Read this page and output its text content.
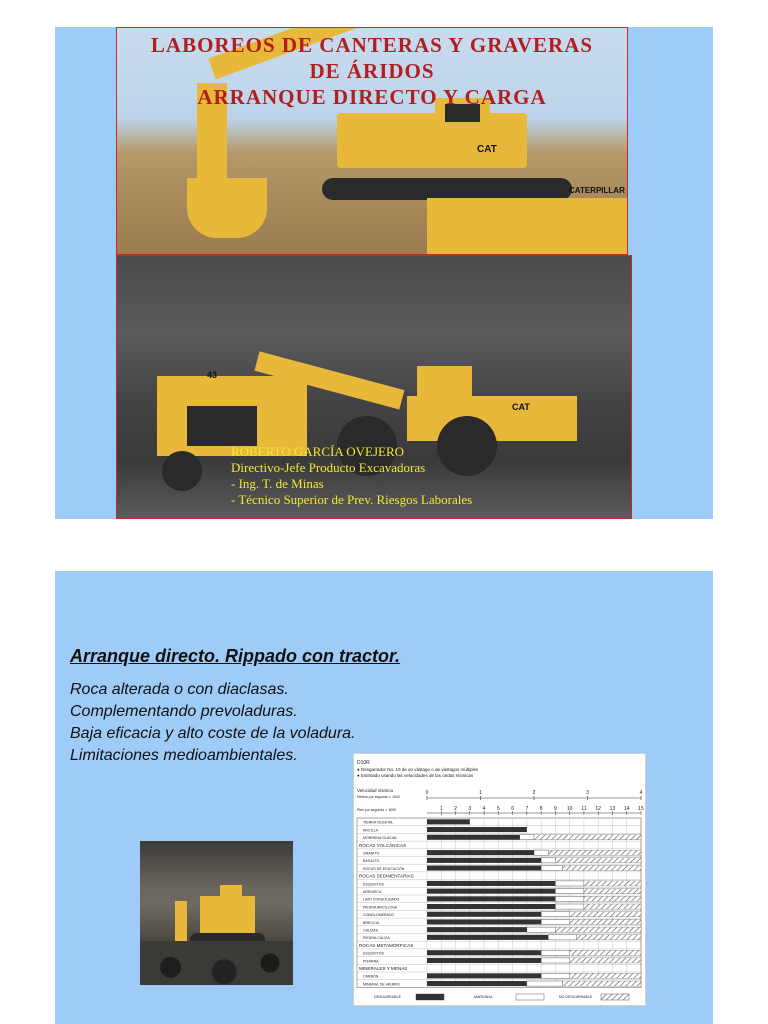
CATERPILLAR
CAT
43
CAT
LABOREOS DE CANTERAS Y GRAVERAS
DE ÁRIDOS
ARRANQUE DIRECTO Y CARGA
ROBERTO GARCÍA OVEJERO
Directivo-Jefe Producto Excavadoras
- Ing. T. de Minas
- Técnico Superior de Prev. Riesgos Laborales
Arranque directo. Rippado con tractor.
Roca alterada o con diaclasas.
Complementando prevoladuras.
Baja eficacia y alto coste de la voladura.
Limitaciones medioambientales.	D10R
● Desgarrador No. 10 de un vástago o de vástagos múltiples
● Estimado usando las velocidades de las ondas sísmicas
Velocidad sísmica
Metros por segundo × 1000
Pies por segundo × 1000
0	1	2	3	4
1 2 3 4 5 6 7 8 9 10 11 12 13 14 15
TIERRA VEGETAL
ARCILLA
MORRENA GLACIAL
ROCAS VOLCÁNICAS
GRANITO
BASALTO
ROCAS DE EDUCACIÓN
ROCAS SEDIMENTARIAS
ESQUISTOS
ARENISCA
LIMO CONSOLIDADO
PIEDRA ARCILLOSA
CONGLOMERADO
BRECCIA
CALIZAS
PIEDRA CALIZA
ROCAS METAMÓRFICAS
ESQUISTOS
PIZARRA
MINERALES Y MENAS
CARBÓN
MINERAL DE HIERRO
DESGARRABLE	MARGINAL	NO DESGARRABLE
